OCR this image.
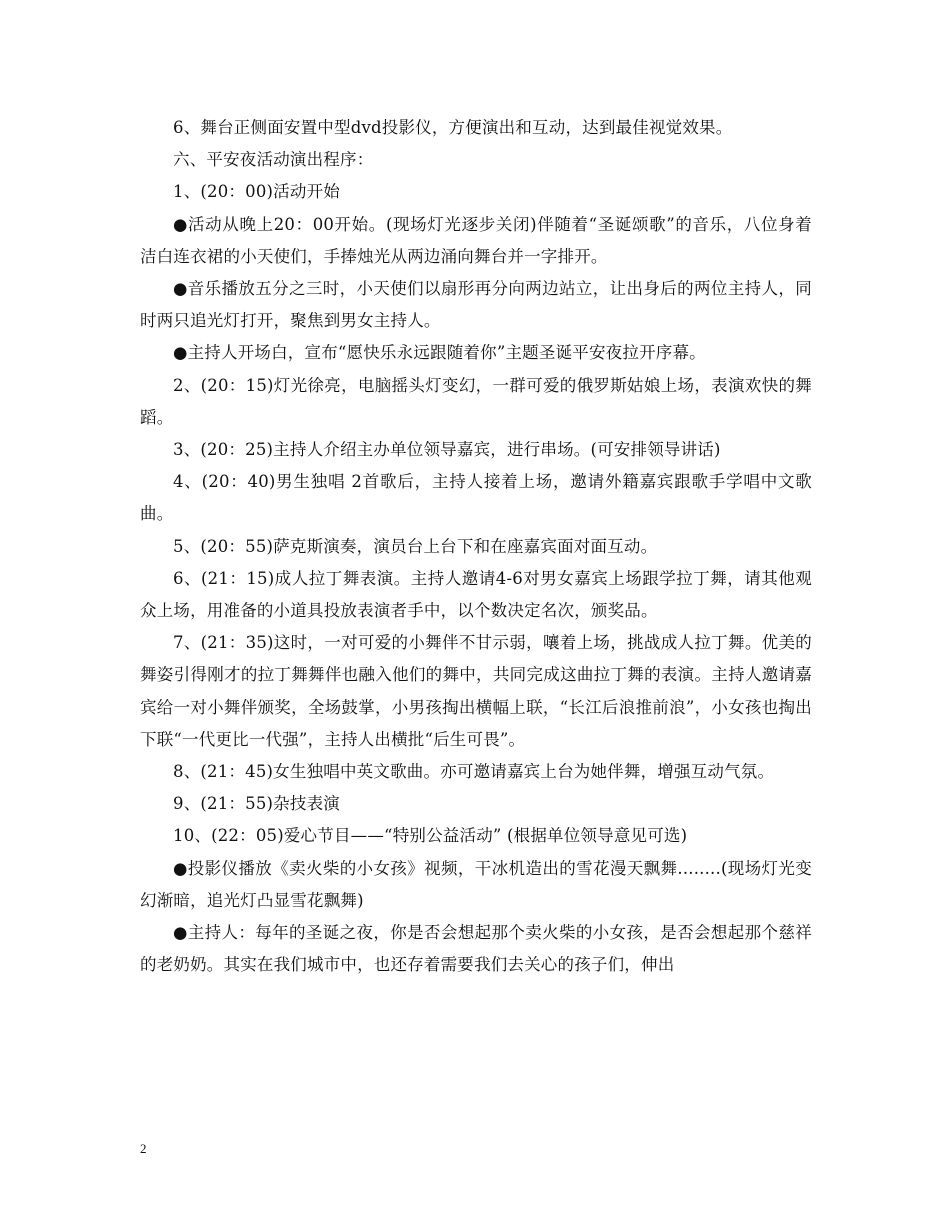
6、舞台正侧面安置中型dvd投影仪，方便演出和互动，达到最佳视觉效果。

六、平安夜活动演出程序：

1、(20：00)活动开始

●活动从晚上20：00开始。(现场灯光逐步关闭)伴随着“圣诞颂歌”的音乐，八位身着洁白连衣裙的小天使们，手捧烛光从两边涌向舞台并一字排开。

●音乐播放五分之三时，小天使们以扇形再分向两边站立，让出身后的两位主持人，同时两只追光灯打开，聚焦到男女主持人。

●主持人开场白，宣布“愿快乐永远跟随着你”主题圣诞平安夜拉开序幕。

2、(20：15)灯光徐亮，电脑摇头灯变幻，一群可爱的俄罗斯姑娘上场，表演欢快的舞蹈。

3、(20：25)主持人介绍主办单位领导嘉宾，进行串场。(可安排领导讲话)

4、(20：40)男生独唱 2首歌后，主持人接着上场，邀请外籍嘉宾跟歌手学唱中文歌曲。

5、(20：55)萨克斯演奏，演员台上台下和在座嘉宾面对面互动。

6、(21：15)成人拉丁舞表演。主持人邀请4-6对男女嘉宾上场跟学拉丁舞，请其他观众上场，用准备的小道具投放表演者手中，以个数决定名次，颁奖品。

7、(21：35)这时，一对可爱的小舞伴不甘示弱，嚷着上场，挑战成人拉丁舞。优美的舞姿引得刚才的拉丁舞舞伴也融入他们的舞中，共同完成这曲拉丁舞的表演。主持人邀请嘉宾给一对小舞伴颁奖，全场鼓掌，小男孩掏出横幅上联，“长江后浪推前浪”，小女孩也掏出下联“一代更比一代强”，主持人出横批“后生可畏”。

8、(21：45)女生独唱中英文歌曲。亦可邀请嘉宾上台为她伴舞，增强互动气氛。

9、(21：55)杂技表演

10、(22：05)爱心节目——“特别公益活动” (根据单位领导意见可选)

●投影仪播放《卖火柴的小女孩》视频，干冰机造出的雪花漫天飘舞........(现场灯光变幻渐暗，追光灯凸显雪花飘舞)

●主持人：每年的圣诞之夜，你是否会想起那个卖火柴的小女孩，是否会想起那个慈祥的老奶奶。其实在我们城市中，也还存着需要我们去关心的孩子们，伸出

2
